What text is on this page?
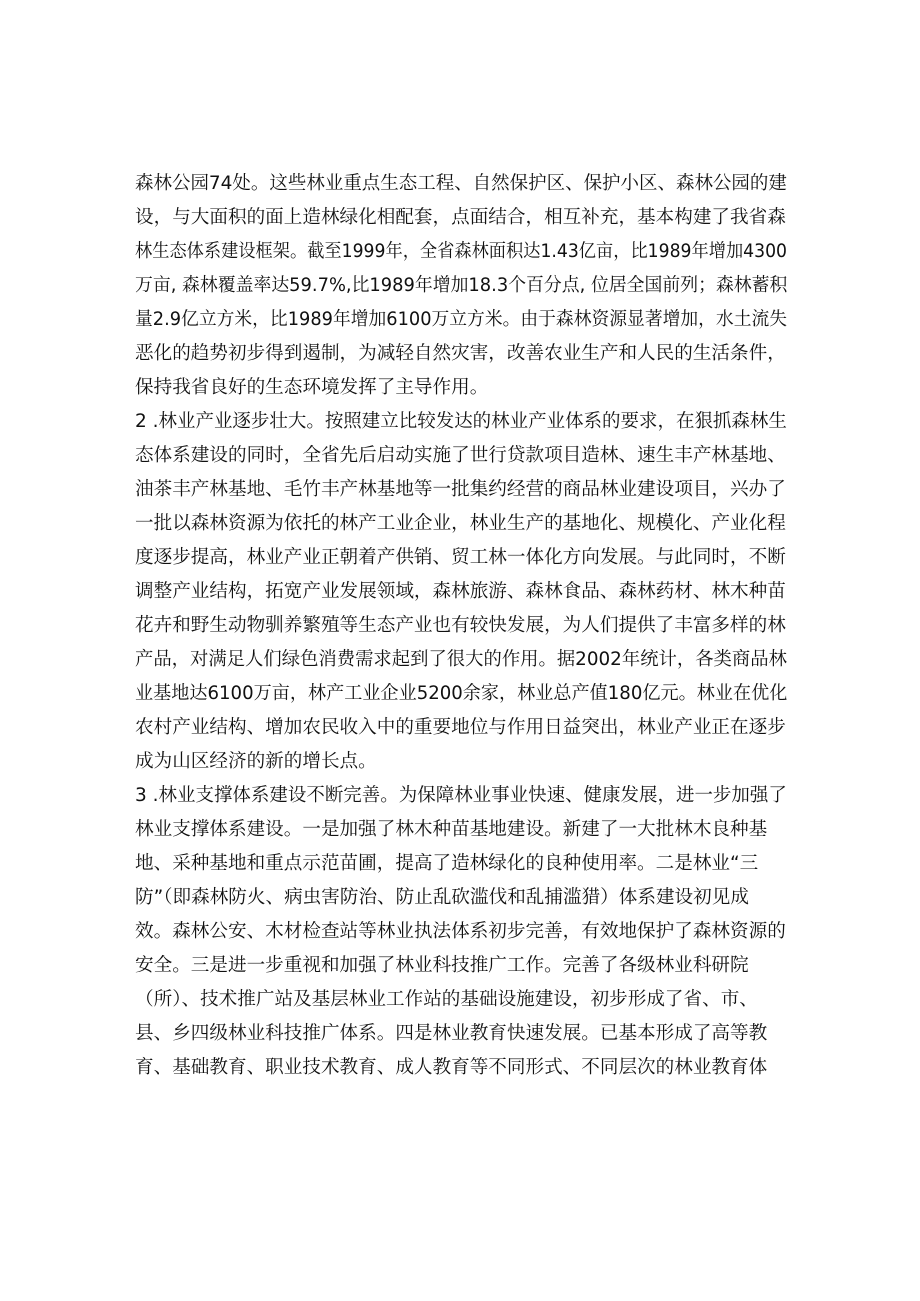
森林公园74处。这些林业重点生态工程、自然保护区、保护小区、森林公园的建
设，与大面积的面上造林绿化相配套，点面结合，相互补充，基本构建了我省森
林生态体系建设框架。截至1999年，全省森林面积达1.43亿亩，比1989年增加4300
万亩, 森林覆盖率达59.7%,比1989年增加18.3个百分点, 位居全国前列；森林蓄积
量2.9亿立方米，比1989年增加6100万立方米。由于森林资源显著增加，水土流失
恶化的趋势初步得到遏制，为减轻自然灾害，改善农业生产和人民的生活条件，
保持我省良好的生态环境发挥了主导作用。
2 .林业产业逐步壮大。按照建立比较发达的林业产业体系的要求，在狠抓森林生
态体系建设的同时，全省先后启动实施了世行贷款项目造林、速生丰产林基地、
油茶丰产林基地、毛竹丰产林基地等一批集约经营的商品林业建设项目，兴办了
一批以森林资源为依托的林产工业企业，林业生产的基地化、规模化、产业化程
度逐步提高，林业产业正朝着产供销、贸工林一体化方向发展。与此同时，不断
调整产业结构，拓宽产业发展领域，森林旅游、森林食品、森林药材、林木种苗
花卉和野生动物驯养繁殖等生态产业也有较快发展，为人们提供了丰富多样的林
产品，对满足人们绿色消费需求起到了很大的作用。据2002年统计，各类商品林
业基地达6100万亩，林产工业企业5200余家，林业总产值180亿元。林业在优化
农村产业结构、增加农民收入中的重要地位与作用日益突出，林业产业正在逐步
成为山区经济的新的增长点。
3 .林业支撑体系建设不断完善。为保障林业事业快速、健康发展，进一步加强了
林业支撑体系建设。一是加强了林木种苗基地建设。新建了一大批林木良种基
地、采种基地和重点示范苗圃，提高了造林绿化的良种使用率。二是林业“三
防”（即森林防火、病虫害防治、防止乱砍滥伐和乱捕滥猎）体系建设初见成
效。森林公安、木材检查站等林业执法体系初步完善，有效地保护了森林资源的
安全。三是进一步重视和加强了林业科技推广工作。完善了各级林业科研院
（所）、技术推广站及基层林业工作站的基础设施建设，初步形成了省、市、
县、乡四级林业科技推广体系。四是林业教育快速发展。已基本形成了高等教
育、基础教育、职业技术教育、成人教育等不同形式、不同层次的林业教育体
